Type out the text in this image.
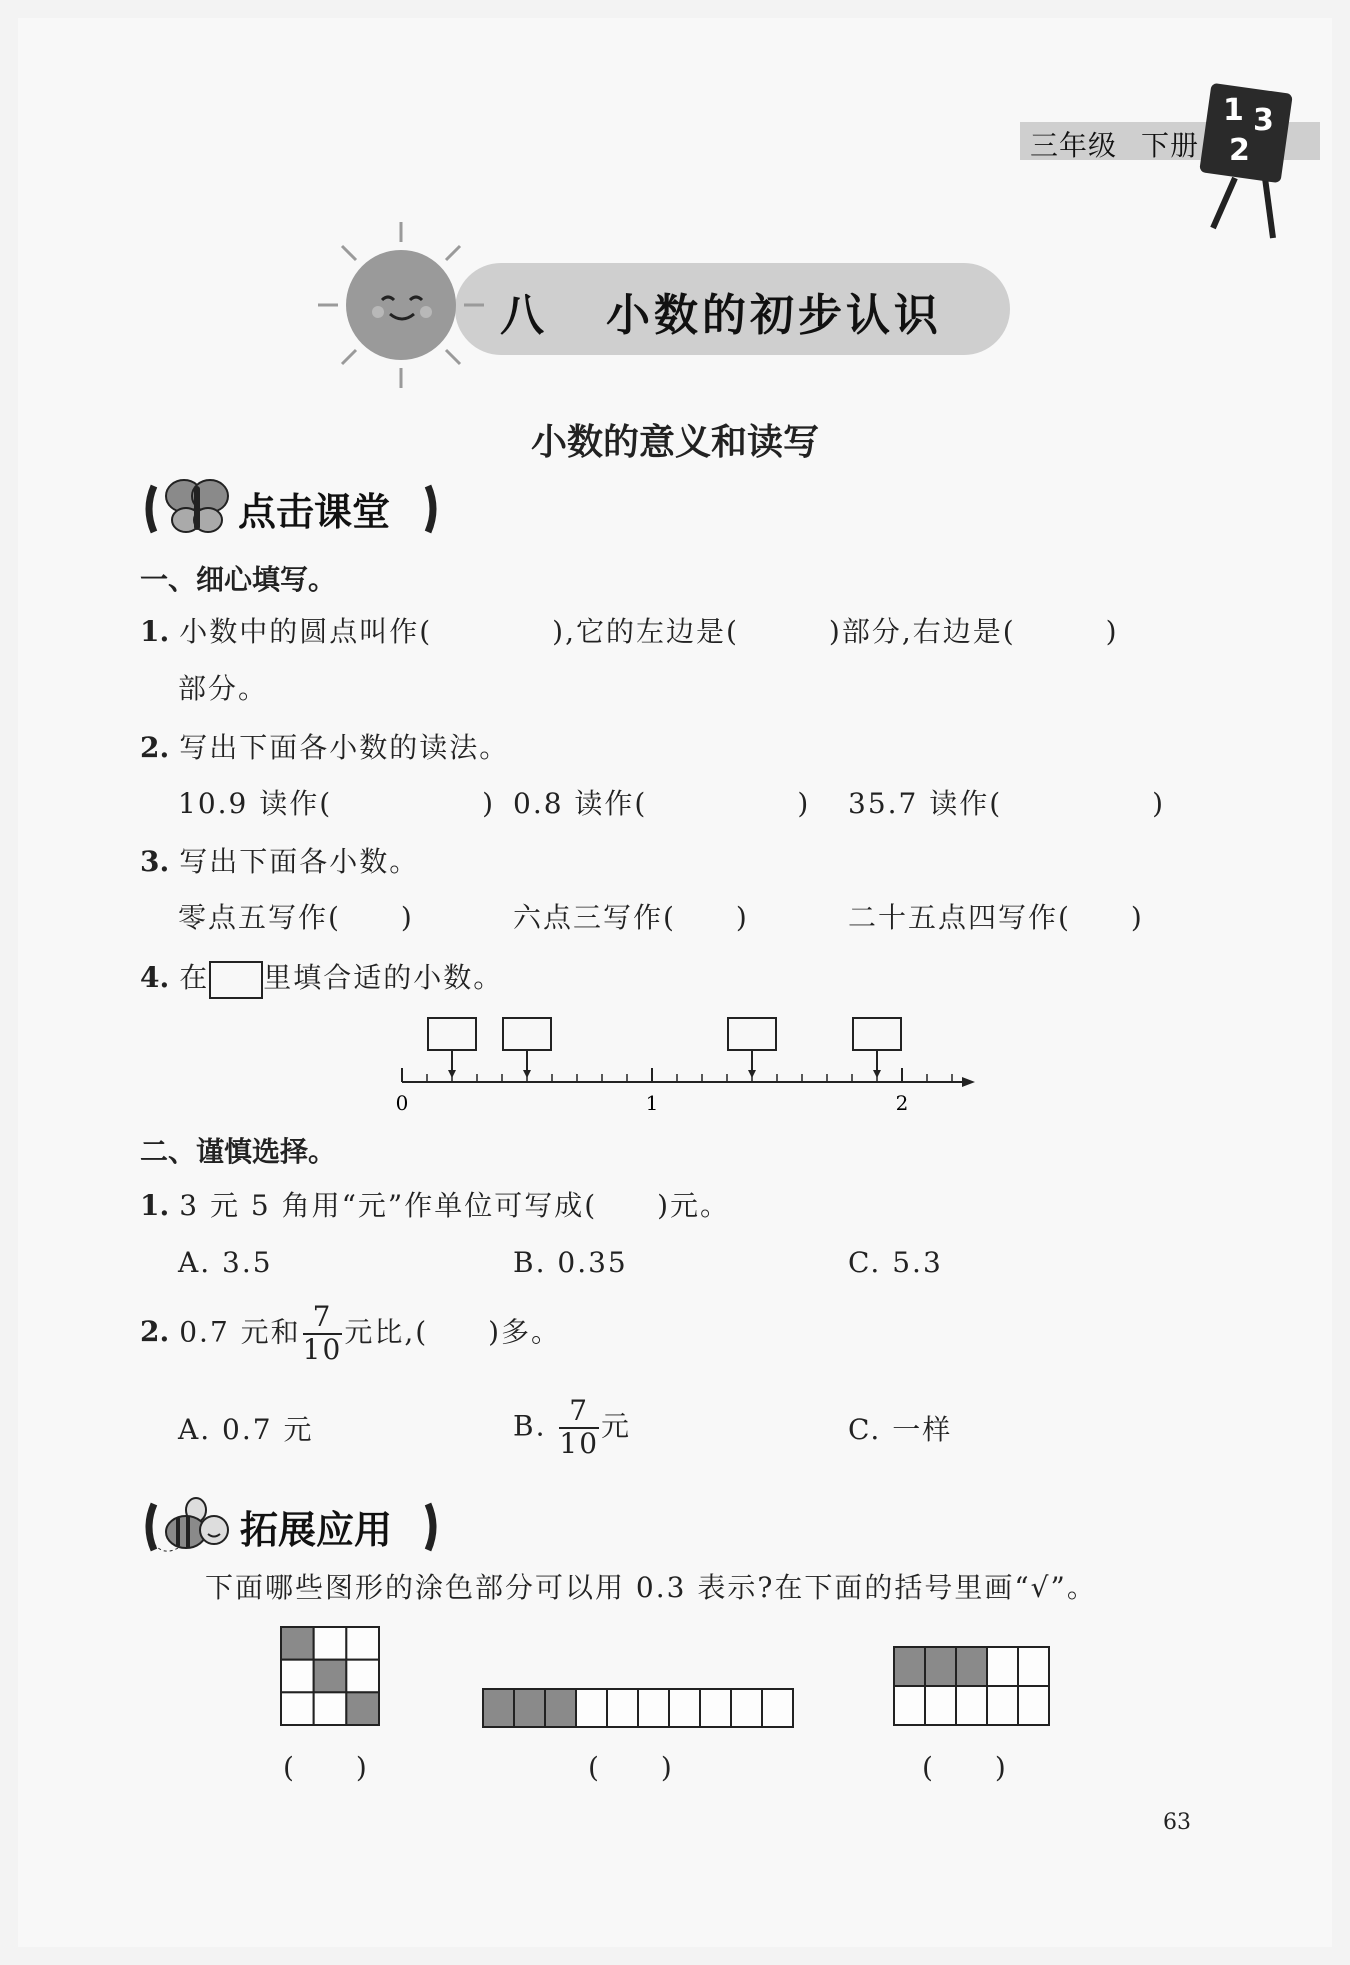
三年级 下册
1 3
2
八 小数的初步认识
小数的意义和读写
点击课堂
一、细心填写。
1. 小数中的圆点叫作(　　　　),它的左边是(　　　)部分,右边是(　　　)
部分。
2. 写出下面各小数的读法。
10.9 读作(　　　　　) 0.8 读作(　　　　　) 35.7 读作(　　　　　)
3. 写出下面各小数。
零点五写作(　　)	六点三写作(　　)	二十五点四写作(　　)
4. 在 里填合适的小数。
0	1	2
二、谨慎选择。
1. 3 元 5 角用“元”作单位可写成(　　)元。
A. 3.5	B. 0.35	C. 5.3
2. 0.7 元和 $\frac{7}{10}$ 元比,(　　)多。
A. 0.7 元	B. $\frac{7}{10}$ 元	C. 一样
拓展应用
下面哪些图形的涂色部分可以用 0.3 表示?在下面的括号里画“√”。
(　　)	(　　)	(　　)
63
